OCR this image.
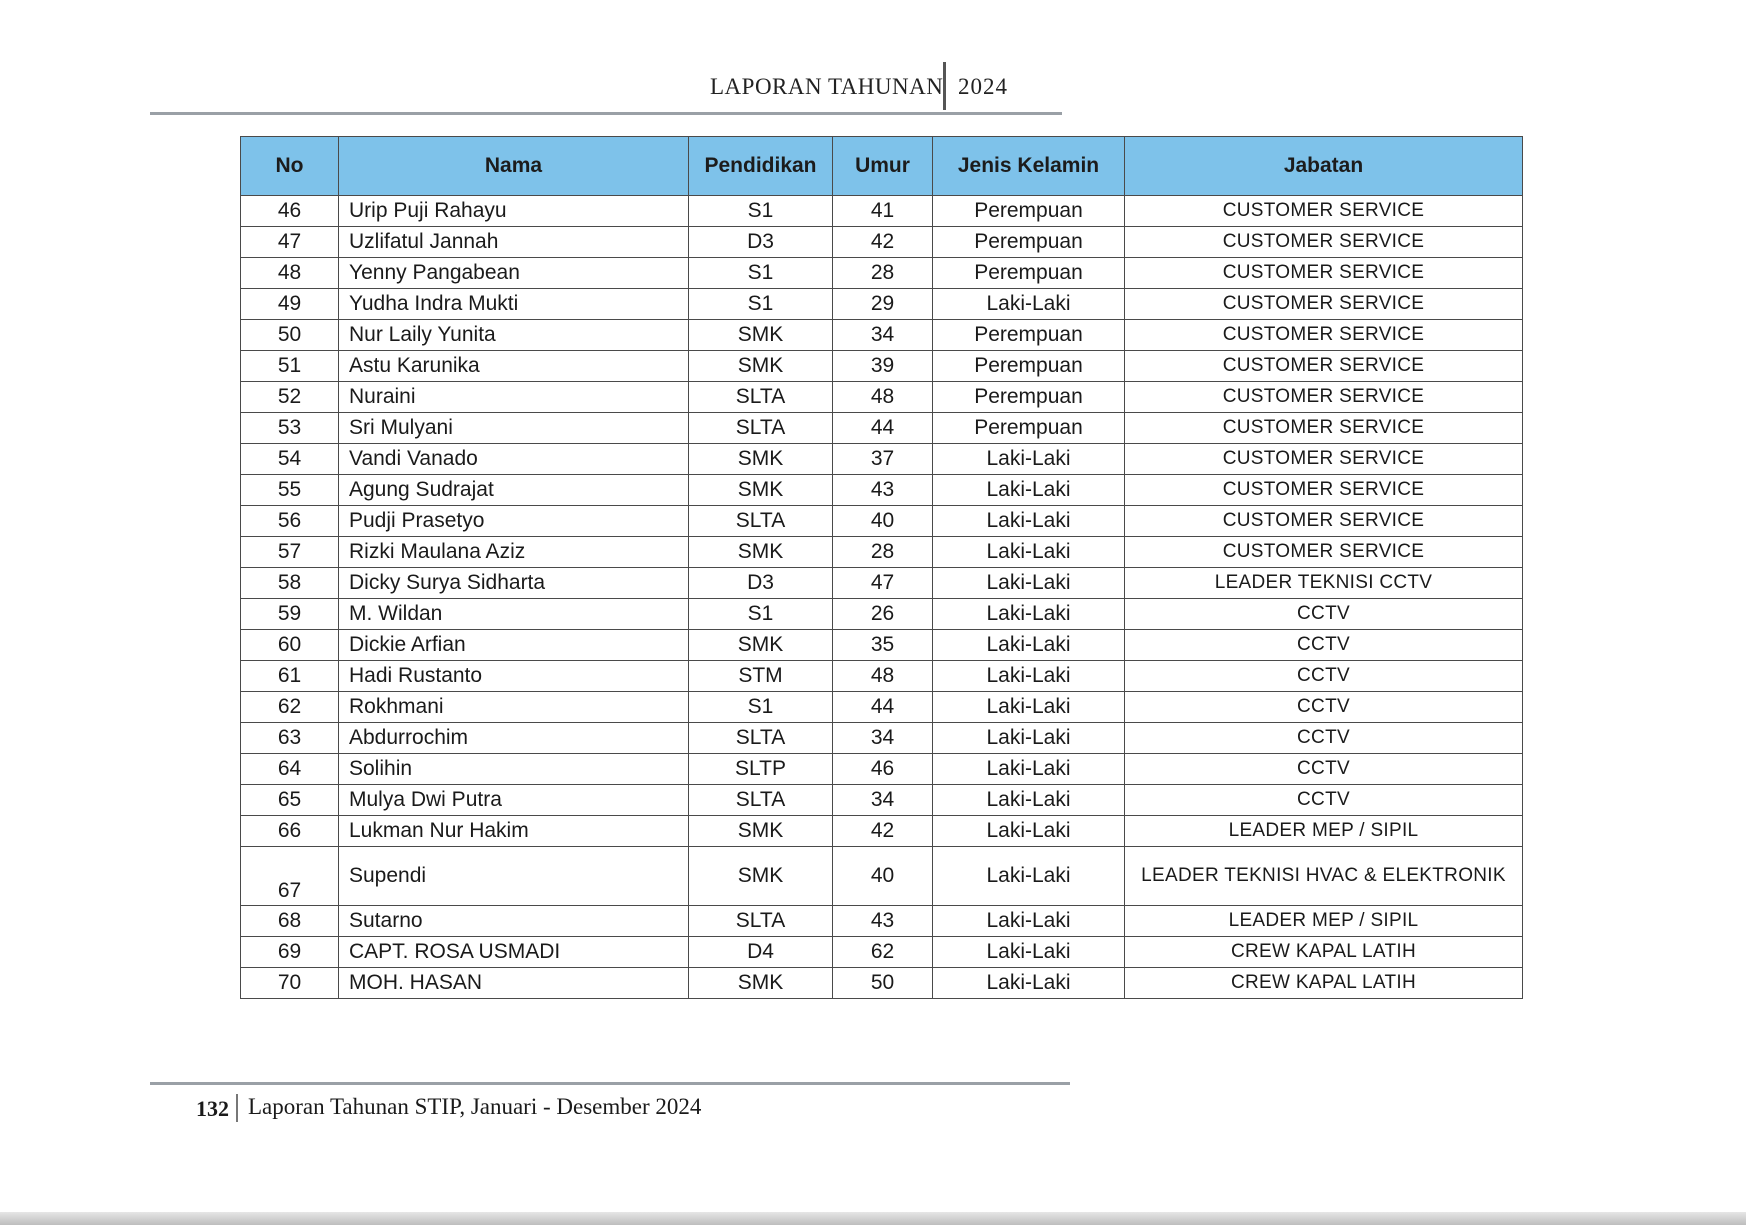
LAPORAN TAHUNAN 2024
No	Nama	Pendidikan	Umur	Jenis Kelamin	Jabatan
46	Urip Puji Rahayu	S1	41	Perempuan	CUSTOMER SERVICE
47	Uzlifatul Jannah	D3	42	Perempuan	CUSTOMER SERVICE
48	Yenny Pangabean	S1	28	Perempuan	CUSTOMER SERVICE
49	Yudha Indra Mukti	S1	29	Laki-Laki	CUSTOMER SERVICE
50	Nur Laily Yunita	SMK	34	Perempuan	CUSTOMER SERVICE
51	Astu Karunika	SMK	39	Perempuan	CUSTOMER SERVICE
52	Nuraini	SLTA	48	Perempuan	CUSTOMER SERVICE
53	Sri Mulyani	SLTA	44	Perempuan	CUSTOMER SERVICE
54	Vandi Vanado	SMK	37	Laki-Laki	CUSTOMER SERVICE
55	Agung Sudrajat	SMK	43	Laki-Laki	CUSTOMER SERVICE
56	Pudji Prasetyo	SLTA	40	Laki-Laki	CUSTOMER SERVICE
57	Rizki Maulana Aziz	SMK	28	Laki-Laki	CUSTOMER SERVICE
58	Dicky Surya Sidharta	D3	47	Laki-Laki	LEADER TEKNISI CCTV
59	M. Wildan	S1	26	Laki-Laki	CCTV
60	Dickie Arfian	SMK	35	Laki-Laki	CCTV
61	Hadi Rustanto	STM	48	Laki-Laki	CCTV
62	Rokhmani	S1	44	Laki-Laki	CCTV
63	Abdurrochim	SLTA	34	Laki-Laki	CCTV
64	Solihin	SLTP	46	Laki-Laki	CCTV
65	Mulya Dwi Putra	SLTA	34	Laki-Laki	CCTV
66	Lukman Nur Hakim	SMK	42	Laki-Laki	LEADER MEP / SIPIL
67	Supendi	SMK	40	Laki-Laki	LEADER TEKNISI HVAC & ELEKTRONIK
68	Sutarno	SLTA	43	Laki-Laki	LEADER MEP / SIPIL
69	CAPT. ROSA USMADI	D4	62	Laki-Laki	CREW KAPAL LATIH
70	MOH. HASAN	SMK	50	Laki-Laki	CREW KAPAL LATIH
132 Laporan Tahunan STIP, Januari - Desember 2024
